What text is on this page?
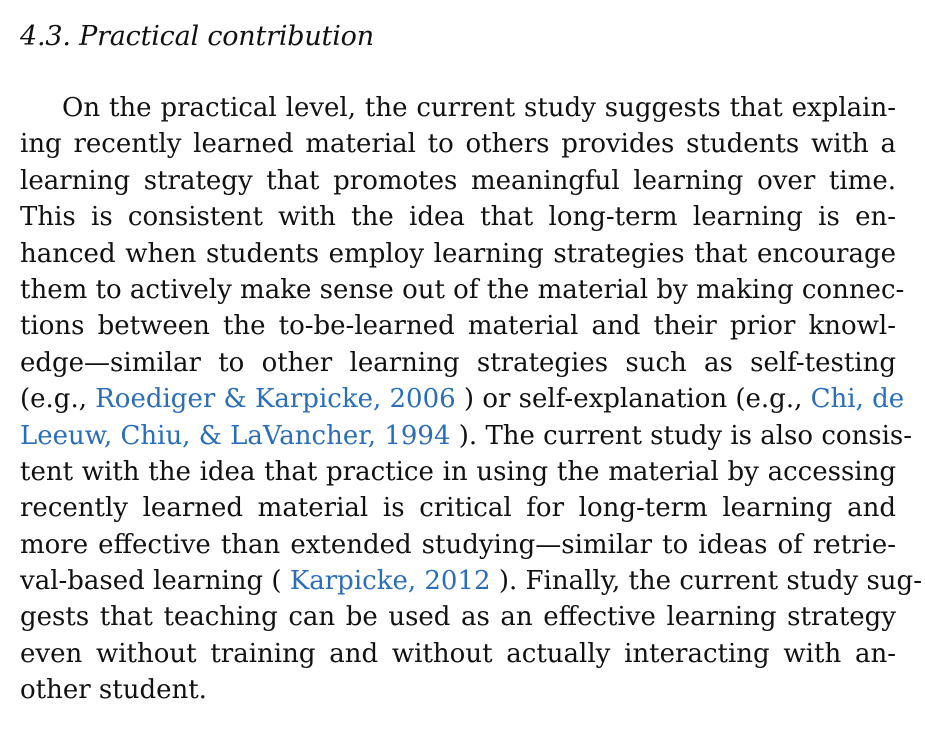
4.3. Practical contribution

On the practical level, the current study suggests that explain-
ing recently learned material to others provides students with a
learning strategy that promotes meaningful learning over time.
This is consistent with the idea that long-term learning is en-
hanced when students employ learning strategies that encourage
them to actively make sense out of the material by making connec-
tions between the to-be-learned material and their prior knowl-
edge—similar to other learning strategies such as self-testing
(e.g., Roediger & Karpicke, 2006 ) or self-explanation (e.g., Chi, de
Leeuw, Chiu, & LaVancher, 1994 ). The current study is also consis-
tent with the idea that practice in using the material by accessing
recently learned material is critical for long-term learning and
more effective than extended studying—similar to ideas of retrie-
val-based learning ( Karpicke, 2012 ). Finally, the current study sug-
gests that teaching can be used as an effective learning strategy
even without training and without actually interacting with an-
other student.
